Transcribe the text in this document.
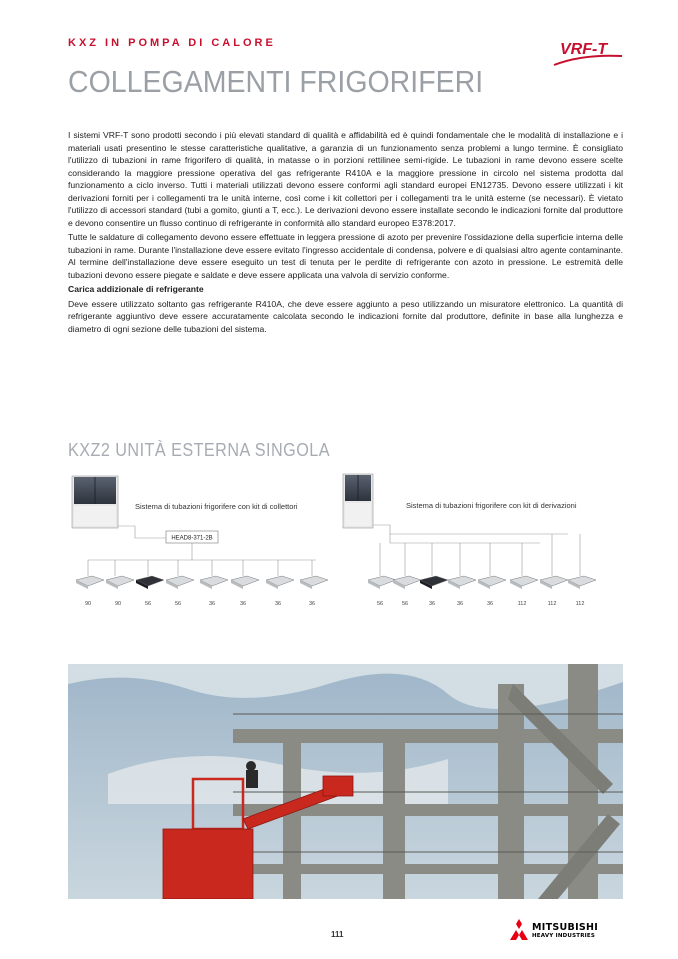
KXZ IN POMPA DI CALORE	VRF-T
COLLEGAMENTI FRIGORIFERI

I sistemi VRF-T sono prodotti secondo i più elevati standard di qualità e affidabilità ed è quindi fondamentale che le modalità di installazione e i materiali usati presentino le stesse caratteristiche qualitative, a garanzia di un funzionamento senza problemi a lungo termine. È consigliato l'utilizzo di tubazioni in rame frigorifero di qualità, in matasse o in porzioni rettilinee semi-rigide. Le tubazioni in rame devono essere scelte considerando la maggiore pressione operativa del gas refrigerante R410A e la maggiore pressione in circolo nel sistema prodotta dal funzionamento a ciclo inverso. Tutti i materiali utilizzati devono essere conformi agli standard europei EN12735. Devono essere utilizzati i kit derivazioni forniti per i collegamenti tra le unità interne, così come i kit collettori per i collegamenti tra le unità esterne (se necessari). È vietato l'utilizzo di accessori standard (tubi a gomito, giunti a T, ecc.). Le derivazioni devono essere installate secondo le indicazioni fornite dal produttore e devono consentire un flusso continuo di refrigerante in conformità allo standard europeo E378:2017.

Tutte le saldature di collegamento devono essere effettuate in leggera pressione di azoto per prevenire l'ossidazione della superficie interna delle tubazioni in rame. Durante l'installazione deve essere evitato l'ingresso accidentale di condensa, polvere e di qualsiasi altro agente contaminante. Al termine dell'installazione deve essere eseguito un test di tenuta per le perdite di refrigerante con azoto in pressione. Le estremità delle tubazioni devono essere piegate e saldate e deve essere applicata una valvola di servizio conforme.

Carica addizionale di refrigerante

Deve essere utilizzato soltanto gas refrigerante R410A, che deve essere aggiunto a peso utilizzando un misuratore elettronico. La quantità di refrigerante aggiuntivo deve essere accuratamente calcolata secondo le indicazioni fornite dal produttore, definite in base alla lunghezza e diametro di ogni sezione delle tubazioni del sistema.

KXZ2 UNITÀ ESTERNA SINGOLA
Sistema di tubazioni frigorifere con kit di collettori
HEAD8-371-2B
90	90	56	56	36	36	36	36
Sistema di tubazioni frigorifere con kit di derivazioni
56	56	36	36	36	112	112	112
111
MITSUBISHI
HEAVY INDUSTRIES
